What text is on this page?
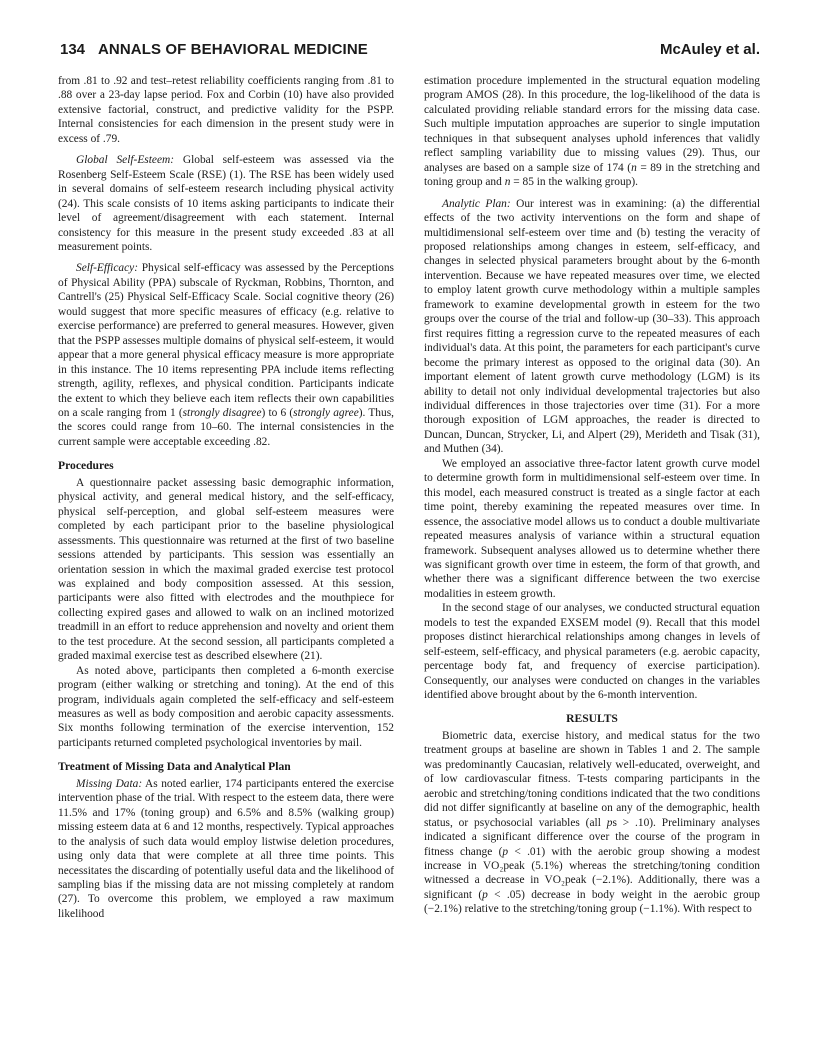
134 ANNALS OF BEHAVIORAL MEDICINE	McAuley et al.

from .81 to .92 and test–retest reliability coefficients ranging from .81 to .88 over a 23-day lapse period. Fox and Corbin (10) have also provided extensive factorial, construct, and predictive validity for the PSPP. Internal consistencies for each dimension in the present study were in excess of .79.

Global Self-Esteem: Global self-esteem was assessed via the Rosenberg Self-Esteem Scale (RSE) (1). The RSE has been widely used in several domains of self-esteem research including physical activity (24). This scale consists of 10 items asking participants to indicate their level of agreement/disagreement with each statement. Internal consistency for this measure in the present study exceeded .83 at all measurement points.

Self-Efficacy: Physical self-efficacy was assessed by the Perceptions of Physical Ability (PPA) subscale of Ryckman, Robbins, Thornton, and Cantrell's (25) Physical Self-Efficacy Scale. Social cognitive theory (26) would suggest that more specific measures of efficacy (e.g. relative to exercise performance) are preferred to general measures. However, given that the PSPP assesses multiple domains of physical self-esteem, it would appear that a more general physical efficacy measure is more appropriate in this instance. The 10 items representing PPA include items reflecting strength, agility, reflexes, and physical condition. Participants indicate the extent to which they believe each item reflects their own capabilities on a scale ranging from 1 (strongly disagree) to 6 (strongly agree). Thus, the scores could range from 10–60. The internal consistencies in the current sample were acceptable exceeding .82.

Procedures

A questionnaire packet assessing basic demographic information, physical activity, and general medical history, and the self-efficacy, physical self-perception, and global self-esteem measures were completed by each participant prior to the baseline physiological assessments. This questionnaire was returned at the first of two baseline sessions attended by participants. This session was essentially an orientation session in which the maximal graded exercise test protocol was explained and body composition assessed. At this session, participants were also fitted with electrodes and the mouthpiece for collecting expired gases and allowed to walk on an inclined motorized treadmill in an effort to reduce apprehension and novelty and orient them to the test procedure. At the second session, all participants completed a graded maximal exercise test as described elsewhere (21).

As noted above, participants then completed a 6-month exercise program (either walking or stretching and toning). At the end of this program, individuals again completed the self-efficacy and self-esteem measures as well as body composition and aerobic capacity assessments. Six months following termination of the exercise intervention, 152 participants returned completed psychological inventories by mail.

Treatment of Missing Data and Analytical Plan

Missing Data: As noted earlier, 174 participants entered the exercise intervention phase of the trial. With respect to the esteem data, there were 11.5% and 17% (toning group) and 6.5% and 8.5% (walking group) missing esteem data at 6 and 12 months, respectively. Typical approaches to the analysis of such data would employ listwise deletion procedures, using only data that were complete at all three time points. This necessitates the discarding of potentially useful data and the likelihood of sampling bias if the missing data are not missing completely at random (27). To overcome this problem, we employed a raw maximum likelihood

estimation procedure implemented in the structural equation modeling program AMOS (28). In this procedure, the log-likelihood of the data is calculated providing reliable standard errors for the missing data case. Such multiple imputation approaches are superior to single imputation techniques in that subsequent analyses uphold inferences that validly reflect sampling variability due to missing values (29). Thus, our analyses are based on a sample size of 174 (n = 89 in the stretching and toning group and n = 85 in the walking group).

Analytic Plan: Our interest was in examining: (a) the differential effects of the two activity interventions on the form and shape of multidimensional self-esteem over time and (b) testing the veracity of proposed relationships among changes in esteem, self-efficacy, and changes in selected physical parameters brought about by the 6-month intervention. Because we have repeated measures over time, we elected to employ latent growth curve methodology within a multiple samples framework to examine developmental growth in esteem for the two groups over the course of the trial and follow-up (30–33). This approach first requires fitting a regression curve to the repeated measures of each individual's data. At this point, the parameters for each participant's curve become the primary interest as opposed to the original data (30). An important element of latent growth curve methodology (LGM) is its ability to detail not only individual developmental trajectories but also individual differences in those trajectories over time (31). For a more thorough exposition of LGM approaches, the reader is directed to Duncan, Duncan, Strycker, Li, and Alpert (29), Merideth and Tisak (31), and Muthen (34).

We employed an associative three-factor latent growth curve model to determine growth form in multidimensional self-esteem over time. In this model, each measured construct is treated as a single factor at each time point, thereby examining the repeated measures over time. In essence, the associative model allows us to conduct a double multivariate repeated measures analysis of variance within a structural equation framework. Subsequent analyses allowed us to determine whether there was significant growth over time in esteem, the form of that growth, and whether there was a significant difference between the two exercise modalities in esteem growth.

In the second stage of our analyses, we conducted structural equation models to test the expanded EXSEM model (9). Recall that this model proposes distinct hierarchical relationships among changes in levels of self-esteem, self-efficacy, and physical parameters (e.g. aerobic capacity, percentage body fat, and frequency of exercise participation). Consequently, our analyses were conducted on changes in the variables identified above brought about by the 6-month intervention.

RESULTS

Biometric data, exercise history, and medical status for the two treatment groups at baseline are shown in Tables 1 and 2. The sample was predominantly Caucasian, relatively well-educated, overweight, and of low cardiovascular fitness. T-tests comparing participants in the aerobic and stretching/toning conditions indicated that the two conditions did not differ significantly at baseline on any of the demographic, health status, or psychosocial variables (all ps > .10). Preliminary analyses indicated a significant difference over the course of the program in fitness change (p < .01) with the aerobic group showing a modest increase in VO₂peak (5.1%) whereas the stretching/toning condition witnessed a decrease in VO₂peak (−2.1%). Additionally, there was a significant (p < .05) decrease in body weight in the aerobic group (−2.1%) relative to the stretching/toning group (−1.1%). With respect to
